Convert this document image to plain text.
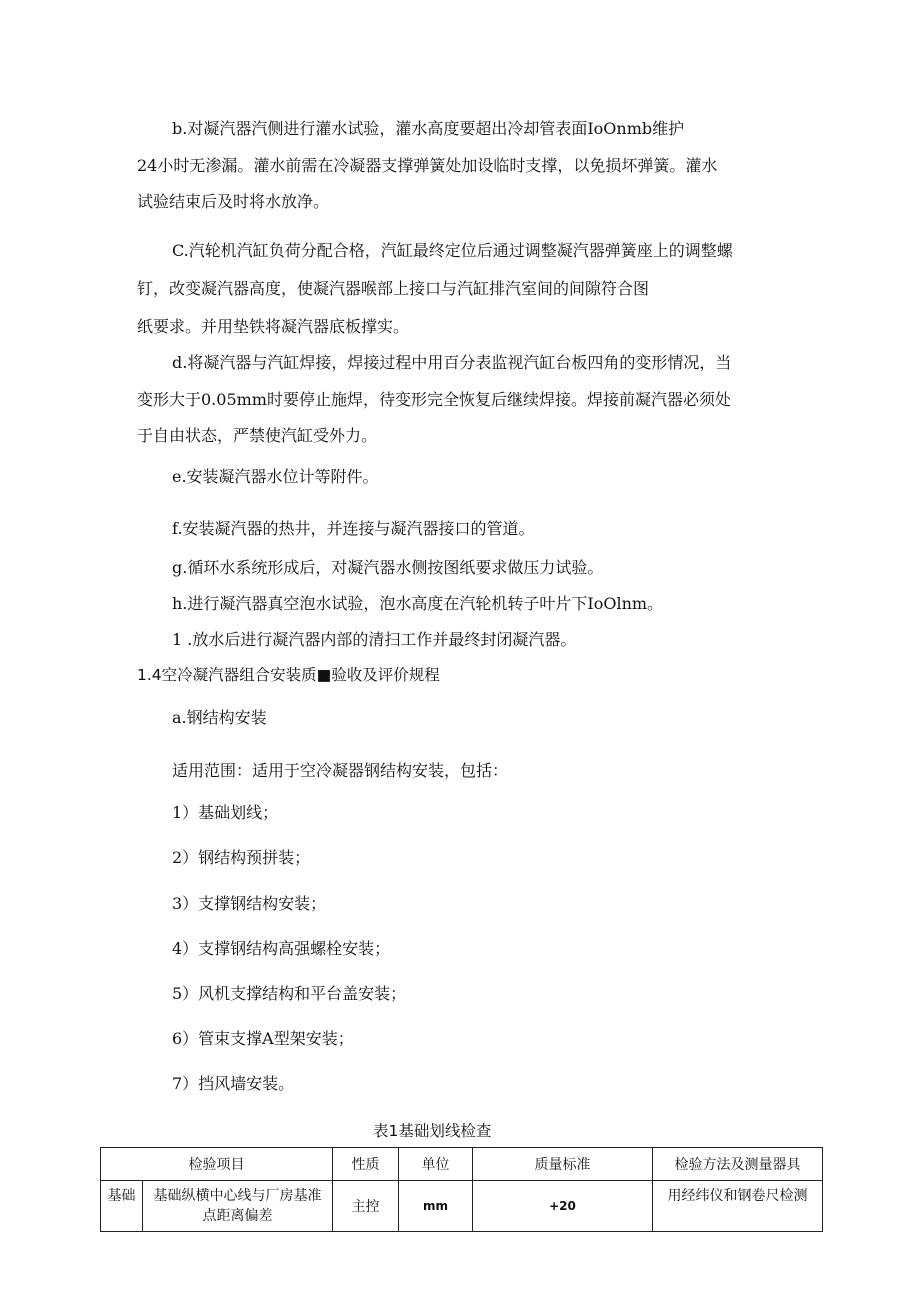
b.对凝汽器汽侧进行灌水试验，灌水高度要超出冷却管表面IoOnmb维护
24小时无渗漏。灌水前需在冷凝器支撑弹簧处加设临时支撑，以免损坏弹簧。灌水
试验结束后及时将水放净。
C.汽轮机汽缸负荷分配合格，汽缸最终定位后通过调整凝汽器弹簧座上的调整螺
钉，改变凝汽器高度，使凝汽器喉部上接口与汽缸排汽室间的间隙符合图
纸要求。并用垫铁将凝汽器底板撑实。
d.将凝汽器与汽缸焊接，焊接过程中用百分表监视汽缸台板四角的变形情况，当
变形大于0.05mm时要停止施焊，待变形完全恢复后继续焊接。焊接前凝汽器必须处
于自由状态，严禁使汽缸受外力。
e.安装凝汽器水位计等附件。
f.安装凝汽器的热井，并连接与凝汽器接口的管道。
g.循环水系统形成后，对凝汽器水侧按图纸要求做压力试验。
h.进行凝汽器真空泡水试验，泡水高度在汽轮机转子叶片下IoOlnm。
1 .放水后进行凝汽器内部的清扫工作并最终封闭凝汽器。
1.4空冷凝汽器组合安装质■验收及评价规程
a.钢结构安装
适用范围：适用于空冷凝器钢结构安装，包括：
1）基础划线；
2）钢结构预拼装；
3）支撑钢结构安装；
4）支撑钢结构高强螺栓安装；
5）风机支撑结构和平台盖安装；
6）管束支撑A型架安装；
7）挡风墙安装。
表1基础划线检查
检验项目		性质	单位	质量标准	检验方法及测量器具
基础	基础纵横中心线与厂房基准
点距离偏差	主控	mm	+20	用经纬仪和钢卷尺检测
